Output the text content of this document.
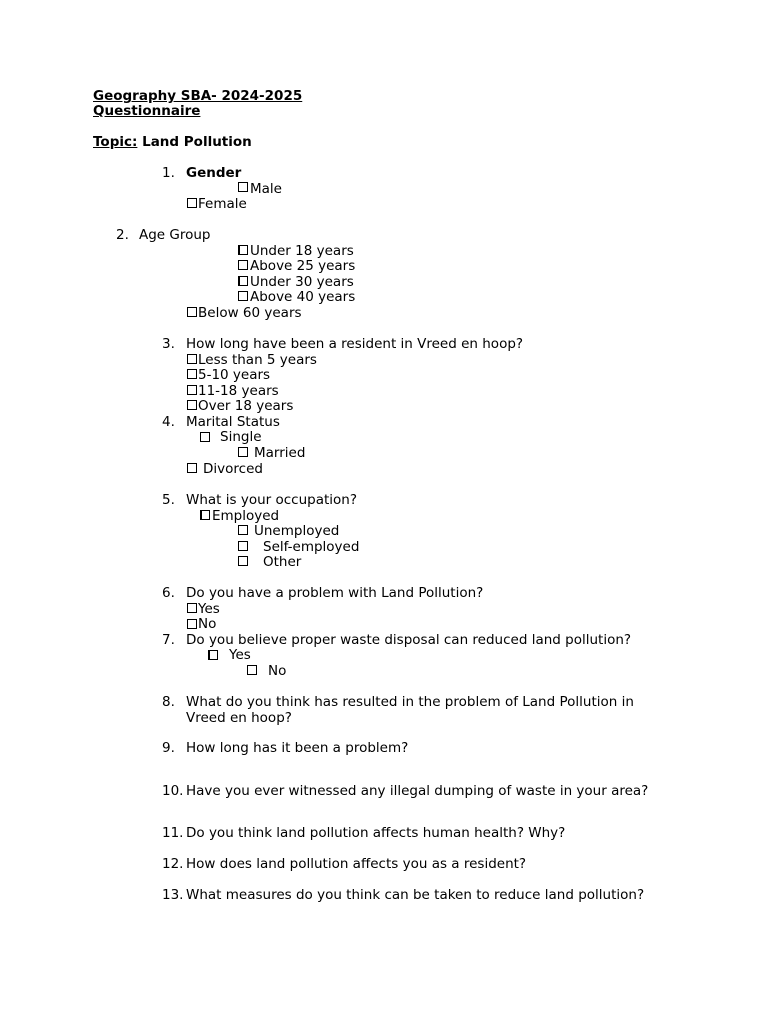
Geography SBA- 2024-2025
Questionnaire
Topic: Land Pollution
1. Gender
Male
Female
2. Age Group
Under 18 years
Above 25 years
Under 30 years
Above 40 years
Below 60 years
3. How long have been a resident in Vreed en hoop?
Less than 5 years
5-10 years
11-18 years
Over 18 years
4. Marital Status
Single
Married
Divorced
5. What is your occupation?
Employed
Unemployed
Self-employed
Other
6. Do you have a problem with Land Pollution?
Yes
No
7. Do you believe proper waste disposal can reduced land pollution?
Yes
No
8. What do you think has resulted in the problem of Land Pollution in
Vreed en hoop?
9. How long has it been a problem?
10. Have you ever witnessed any illegal dumping of waste in your area?
11. Do you think land pollution affects human health? Why?
12. How does land pollution affects you as a resident?
13. What measures do you think can be taken to reduce land pollution?
